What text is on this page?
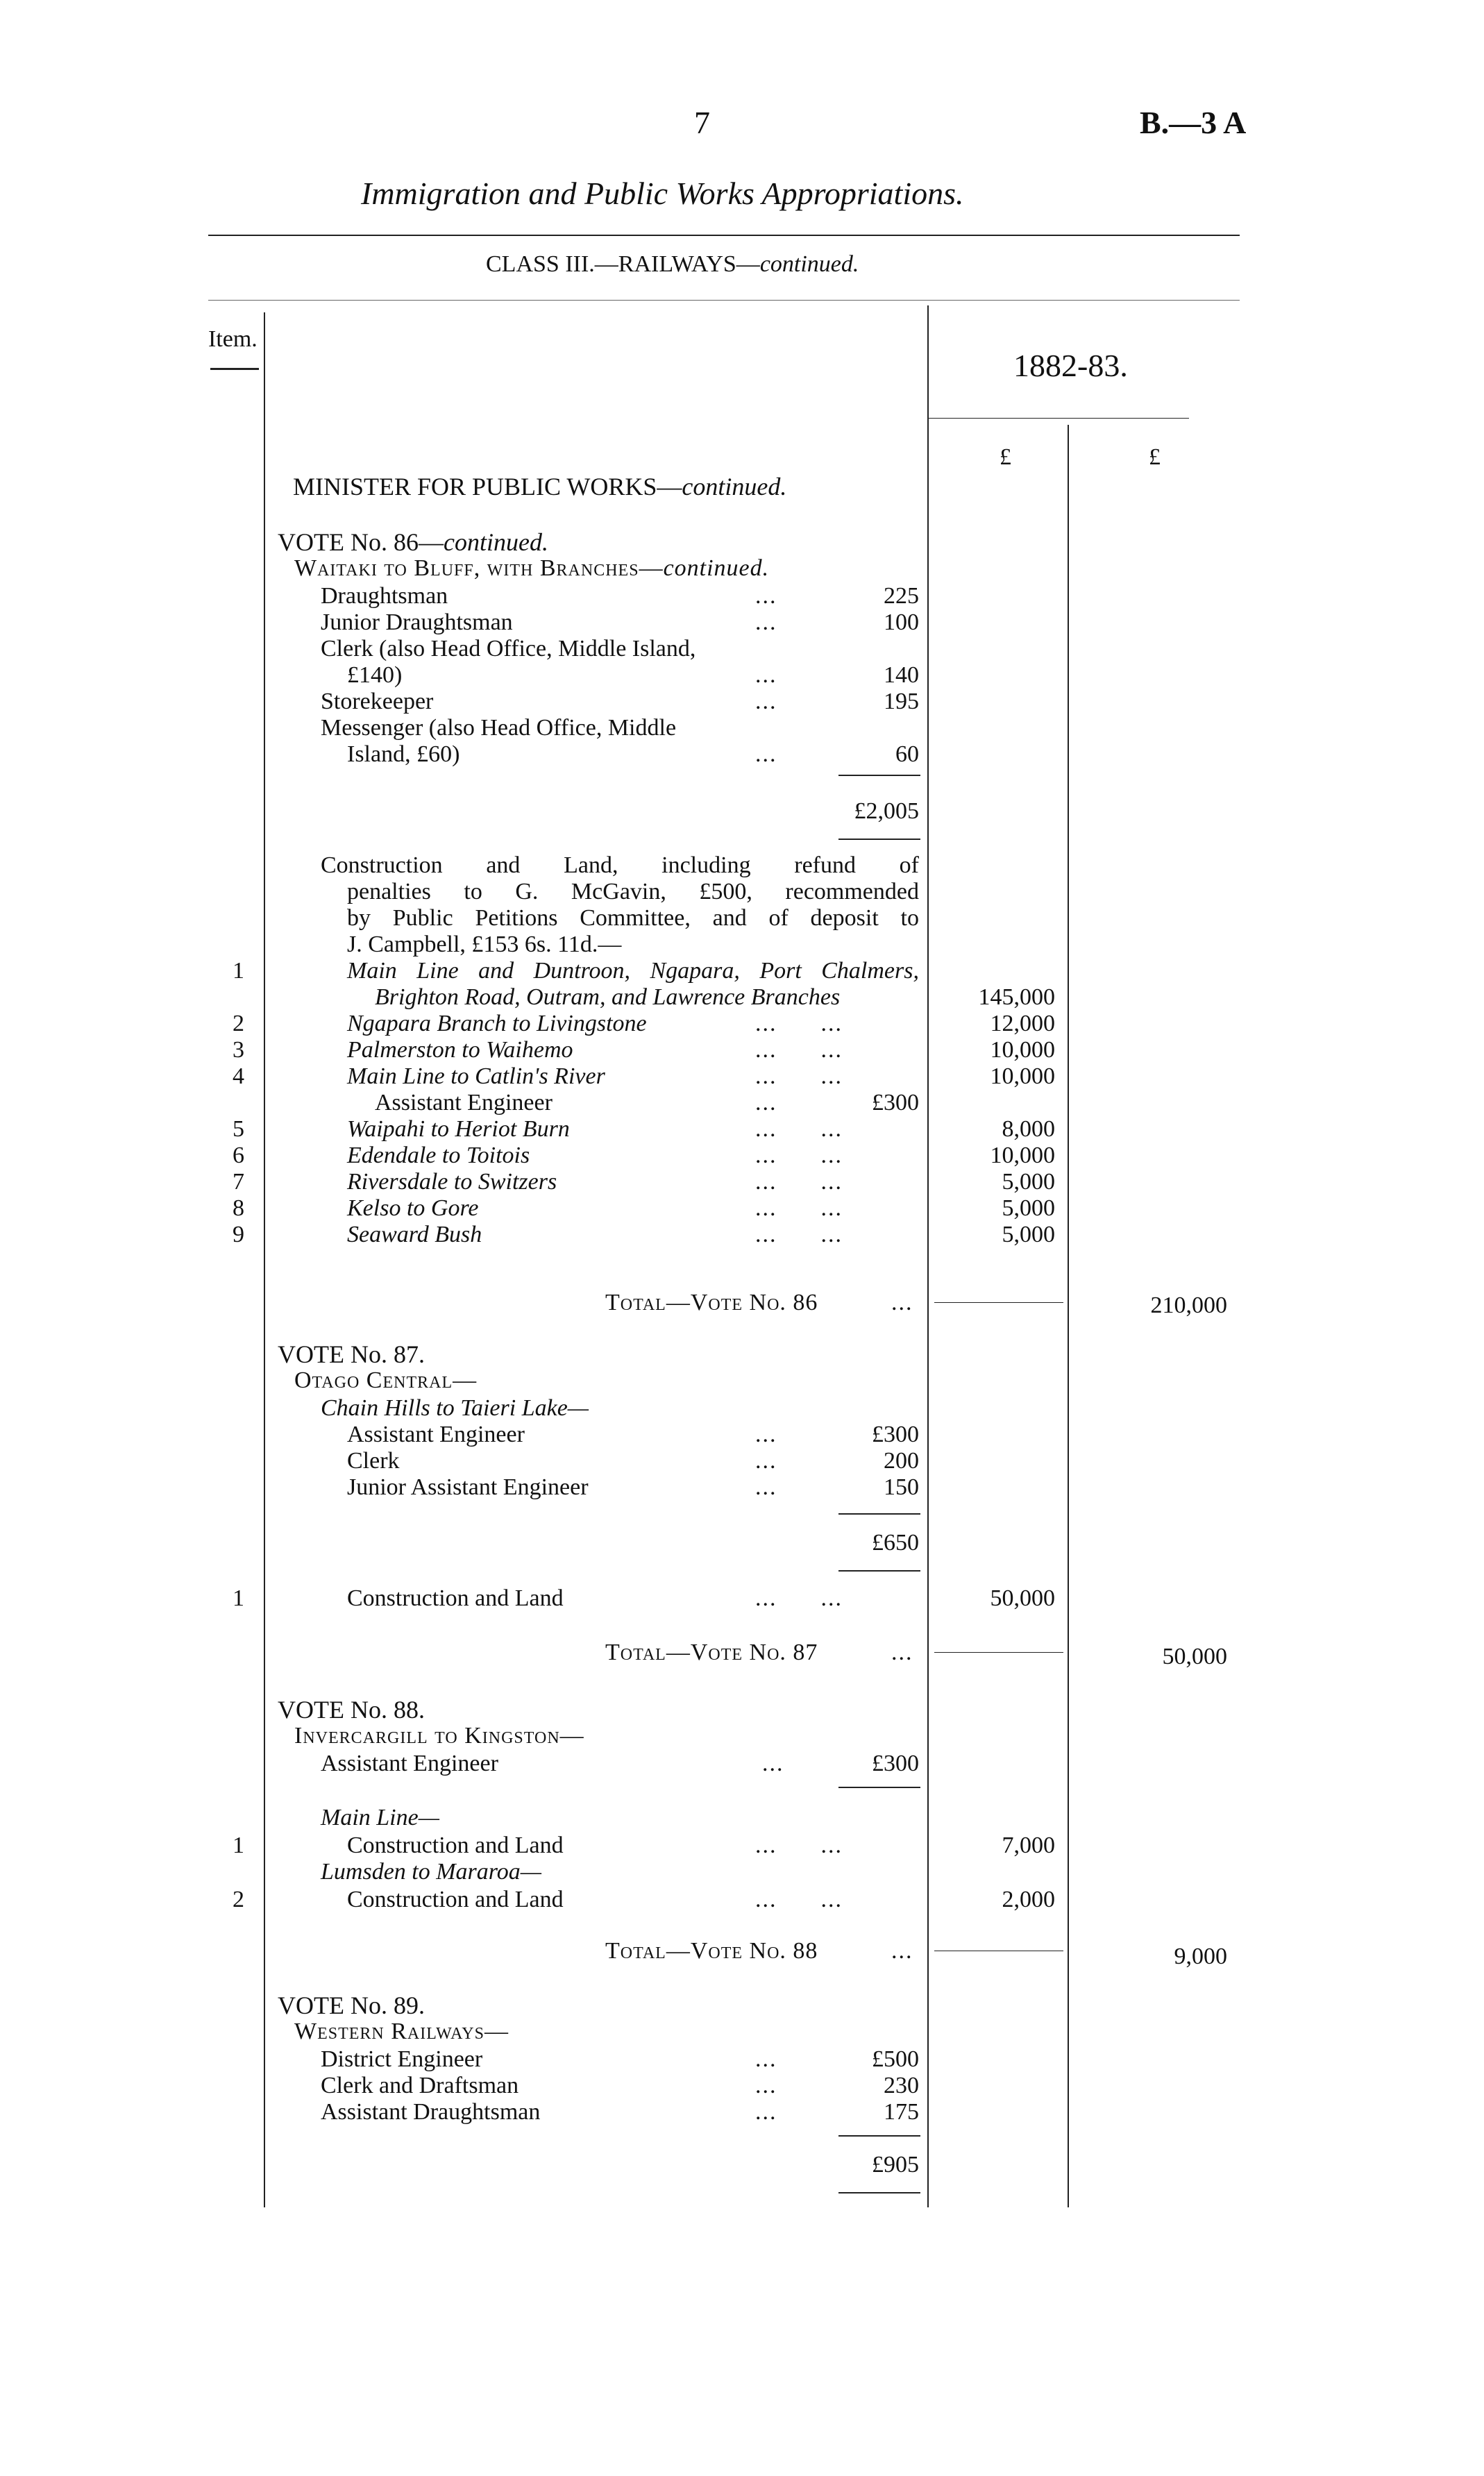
7	B.—3 A
Immigration and Public Works Appropriations.
CLASS III.—RAILWAYS—continued.
Item.
1882-83.
£	£
MINISTER FOR PUBLIC WORKS—continued.
VOTE No. 86—continued.
Waitaki to Bluff, with Branches—continued.
Draughtsman	...	225
Junior Draughtsman	...	100
Clerk (also Head Office, Middle Island,
£140)	...	140
Storekeeper	...	195
Messenger (also Head Office, Middle
Island, £60)	...	60
£2,005
Construction and Land, including refund of
penalties to G. McGavin, £500, recommended
by Public Petitions Committee, and of deposit to
J. Campbell, £153 6s. 11d.—
1	Main Line and Duntroon, Ngapara, Port Chalmers,
Brighton Road, Outram, and Lawrence Branches	145,000
2	Ngapara Branch to Livingstone	...      ...	12,000
3	Palmerston to Waihemo	...      ...	10,000
4	Main Line to Catlin's River	...      ...	10,000
Assistant Engineer	...	£300
5	Waipahi to Heriot Burn	...      ...	8,000
6	Edendale to Toitois	...      ...	10,000
7	Riversdale to Switzers	...      ...	5,000
8	Kelso to Gore	...      ...	5,000
9	Seaward Bush	...      ...	5,000
Total—Vote No. 86	...	210,000
VOTE No. 87.
Otago Central—
Chain Hills to Taieri Lake—
Assistant Engineer	...	£300
Clerk	...	200
Junior Assistant Engineer	...	150
£650
1	Construction and Land	...      ...	50,000
Total—Vote No. 87	...	50,000
VOTE No. 88.
Invercargill to Kingston—
Assistant Engineer	...	£300
Main Line—
1	Construction and Land	...      ...	7,000
Lumsden to Mararoa—
2	Construction and Land	...      ...	2,000
Total—Vote No. 88	...	9,000
VOTE No. 89.
Western Railways—
District Engineer	...	£500
Clerk and Draftsman	...	230
Assistant Draughtsman	...	175
£905
